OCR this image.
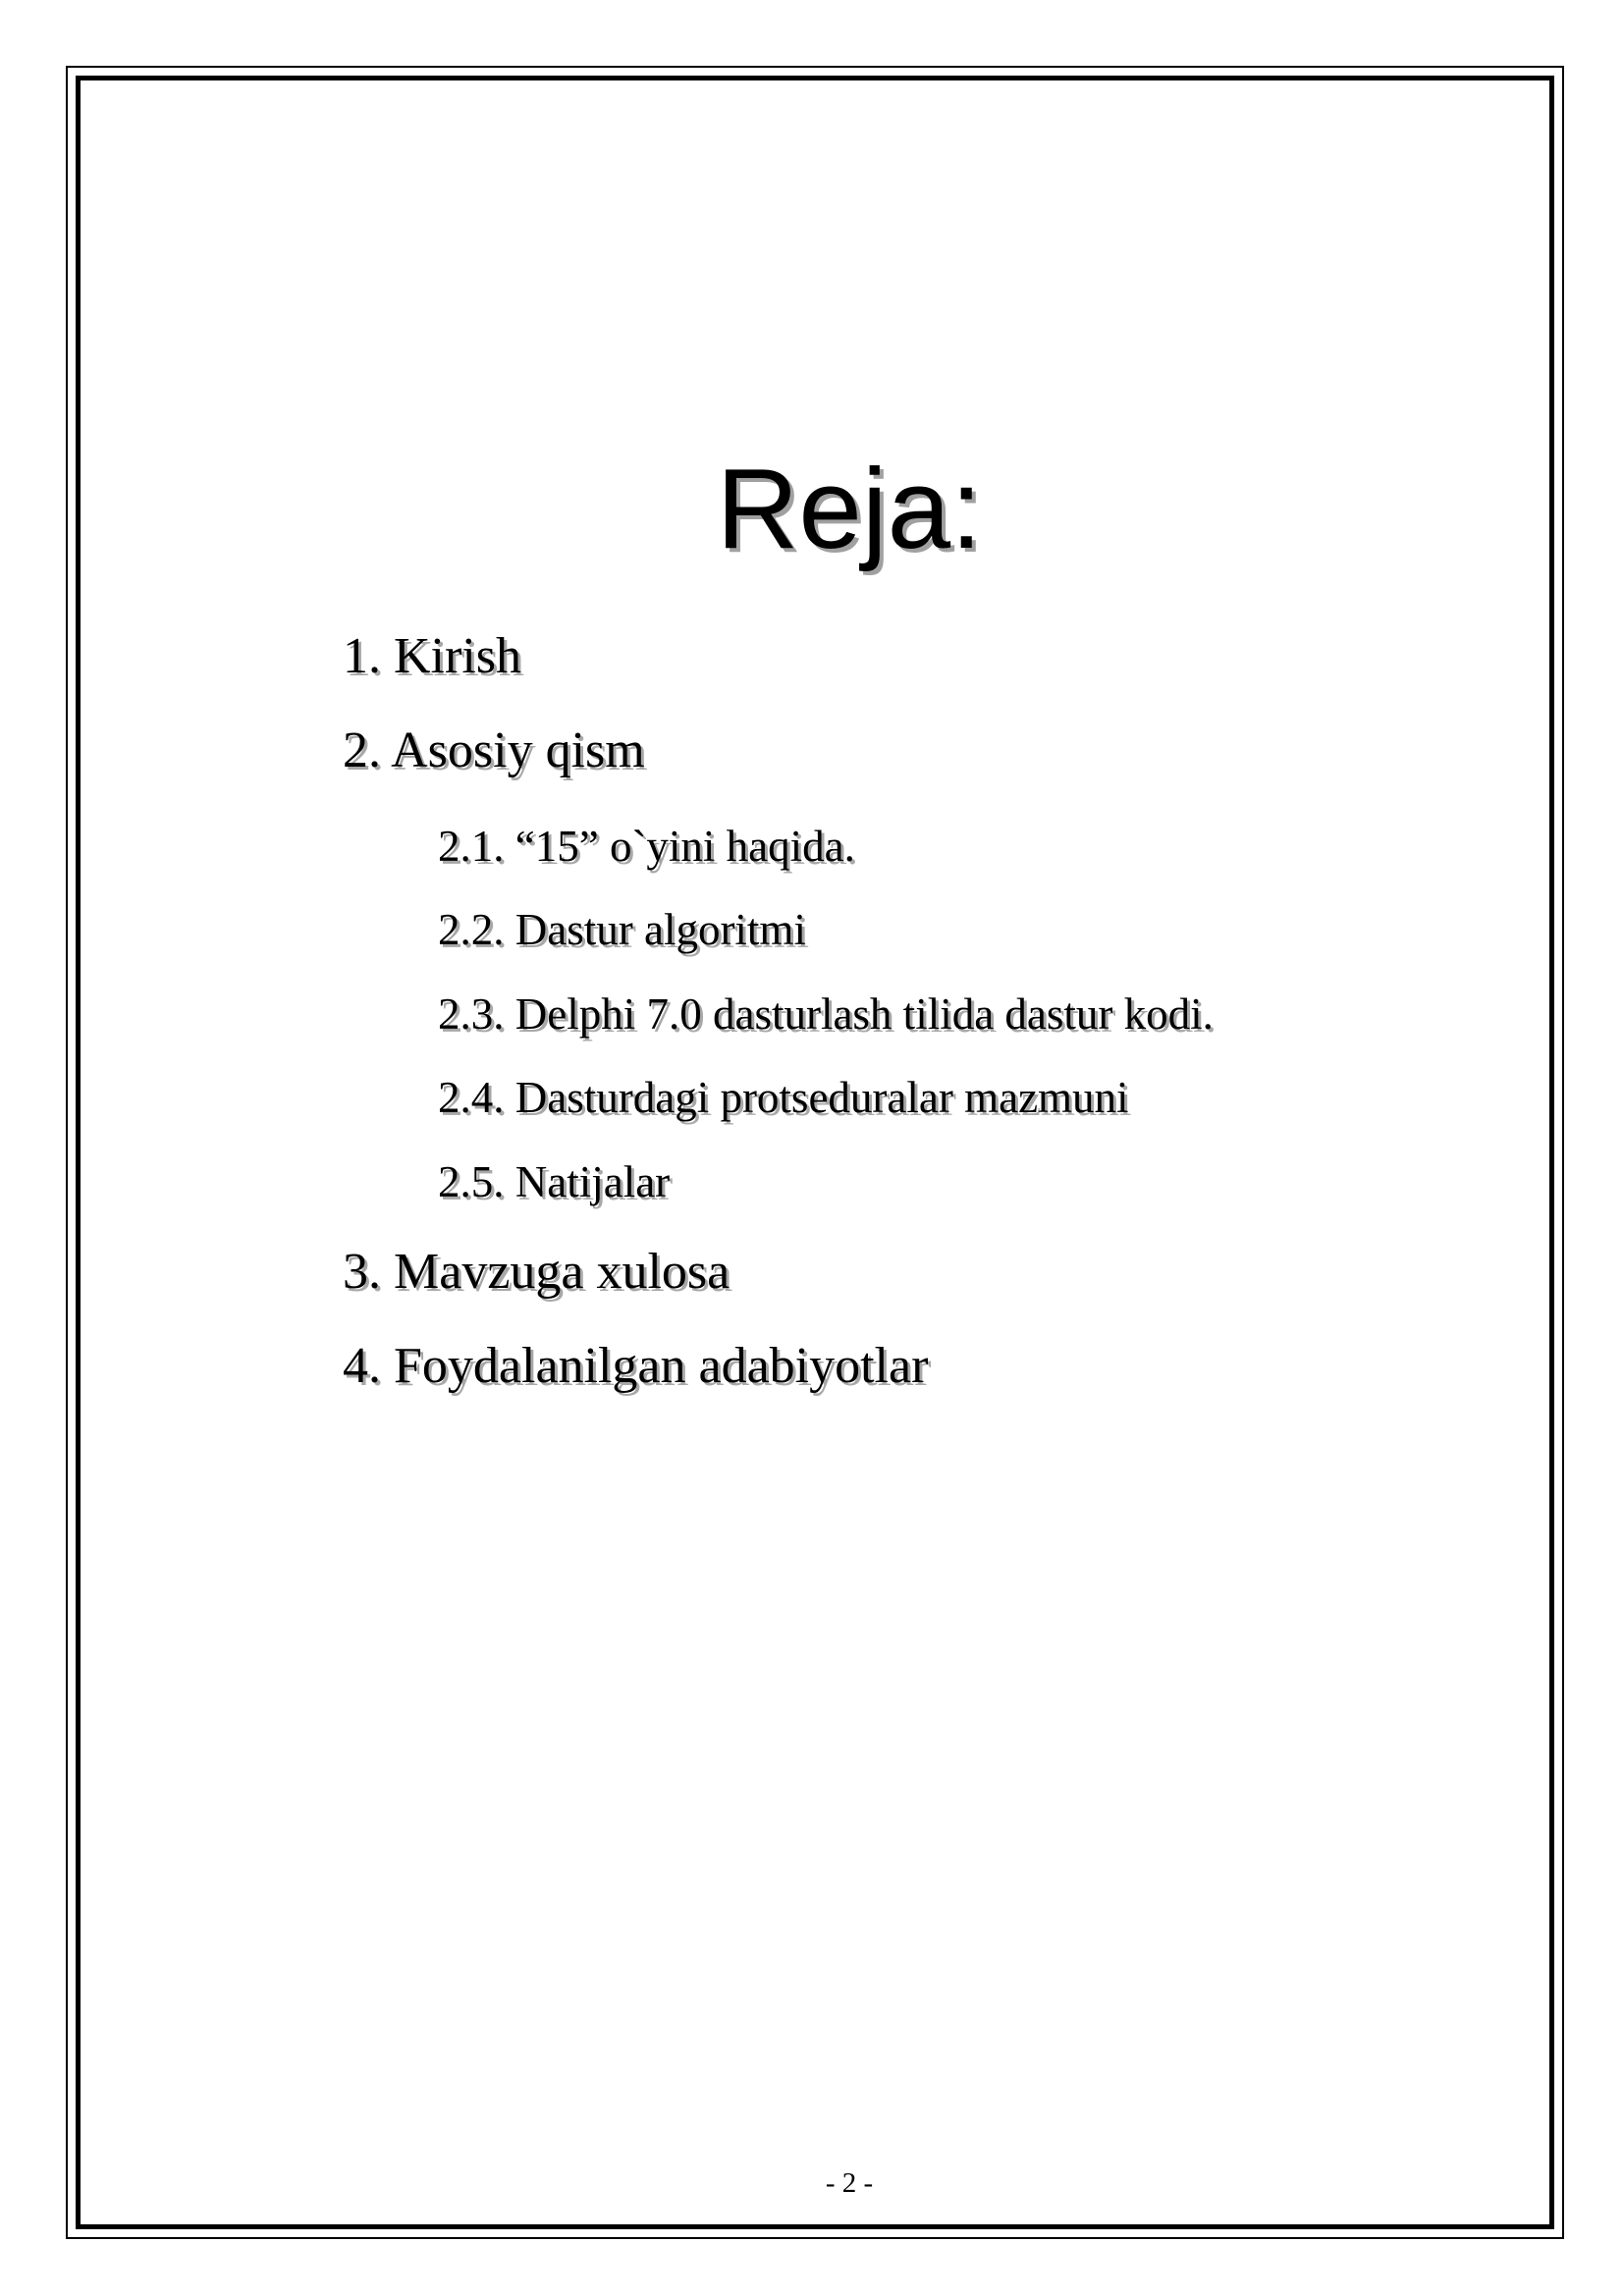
Reja:
1. Kirish
2. Asosiy qism
2.1. “15” o`yini haqida.
2.2. Dastur algoritmi
2.3. Delphi 7.0 dasturlash tilida dastur kodi.
2.4. Dasturdagi protseduralar mazmuni
2.5. Natijalar
3. Mavzuga xulosa
4. Foydalanilgan adabiyotlar
- 2 -
